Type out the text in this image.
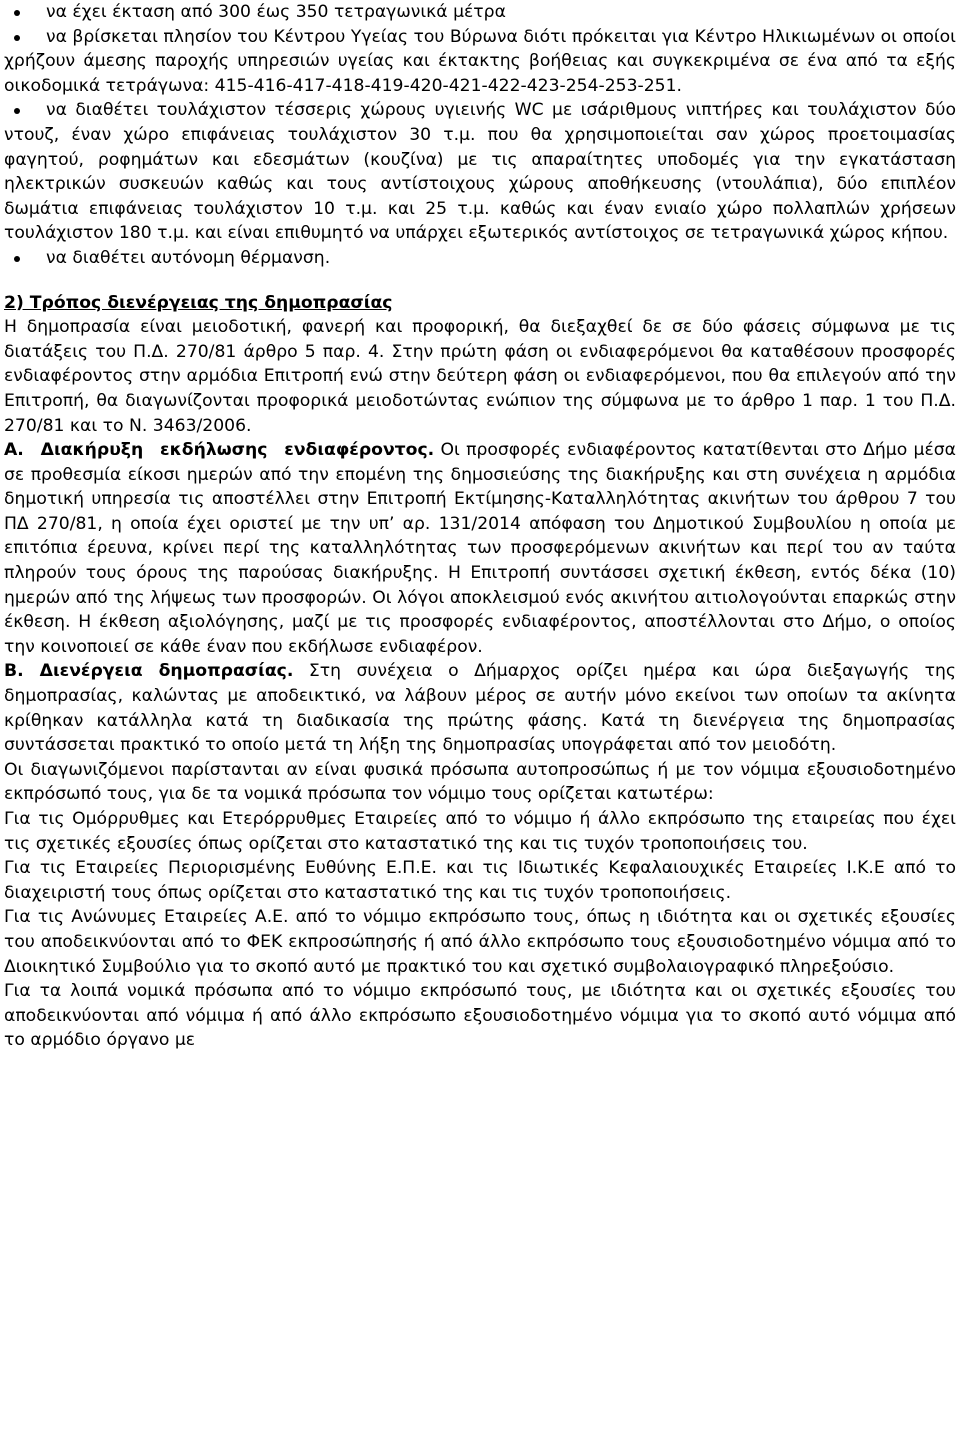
να έχει έκταση από 300 έως 350 τετραγωνικά μέτρα
να βρίσκεται πλησίον του Κέντρου Υγείας του Βύρωνα διότι πρόκειται για Κέντρο Ηλικιωμένων οι οποίοι χρήζουν άμεσης παροχής υπηρεσιών υγείας και έκτακτης βοήθειας και συγκεκριμένα σε ένα από τα εξής οικοδομικά τετράγωνα: 415-416-417-418-419-420-421-422-423-254-253-251.
να διαθέτει τουλάχιστον τέσσερις χώρους υγιεινής WC με ισάριθμους νιπτήρες και τουλάχιστον δύο ντουζ, έναν χώρο επιφάνειας τουλάχιστον 30 τ.μ. που θα χρησιμοποιείται σαν χώρος προετοιμασίας φαγητού, ροφημάτων και εδεσμάτων (κουζίνα) με τις απαραίτητες υποδομές για την εγκατάσταση ηλεκτρικών συσκευών καθώς και τους αντίστοιχους χώρους αποθήκευσης (ντουλάπια), δύο επιπλέον δωμάτια επιφάνειας τουλάχιστον 10 τ.μ. και 25 τ.μ. καθώς και έναν ενιαίο χώρο πολλαπλών χρήσεων τουλάχιστον 180 τ.μ. και είναι επιθυμητό να υπάρχει εξωτερικός αντίστοιχος σε τετραγωνικά χώρος κήπου.
να διαθέτει αυτόνομη θέρμανση.

2) Τρόπος διενέργειας της δημοπρασίας

Η δημοπρασία είναι μειοδοτική, φανερή και προφορική, θα διεξαχθεί δε σε δύο φάσεις σύμφωνα με τις διατάξεις του Π.Δ. 270/81 άρθρο 5 παρ. 4. Στην πρώτη φάση οι ενδιαφερόμενοι θα καταθέσουν προσφορές ενδιαφέροντος στην αρμόδια Επιτροπή ενώ στην δεύτερη φάση οι ενδιαφερόμενοι, που θα επιλεγούν από την Επιτροπή, θα διαγωνίζονται προφορικά μειοδοτώντας ενώπιον της σύμφωνα με το άρθρο 1 παρ. 1 του Π.Δ. 270/81 και το Ν. 3463/2006.

Α. Διακήρυξη εκδήλωσης ενδιαφέροντος. Οι προσφορές ενδιαφέροντος κατατίθενται στο Δήμο μέσα σε προθεσμία είκοσι ημερών από την επομένη της δημοσιεύσης της διακήρυξης και στη συνέχεια η αρμόδια δημοτική υπηρεσία τις αποστέλλει στην Επιτροπή Εκτίμησης-Καταλληλότητας ακινήτων του άρθρου 7 του ΠΔ 270/81, η οποία έχει οριστεί με την υπ’ αρ. 131/2014 απόφαση του Δημοτικού Συμβουλίου η οποία με επιτόπια έρευνα, κρίνει περί της καταλληλότητας των προσφερόμενων ακινήτων και περί του αν ταύτα πληρούν τους όρους της παρούσας διακήρυξης. Η Επιτροπή συντάσσει σχετική έκθεση, εντός δέκα (10) ημερών από της λήψεως των προσφορών. Οι λόγοι αποκλεισμού ενός ακινήτου αιτιολογούνται επαρκώς στην έκθεση. Η έκθεση αξιολόγησης, μαζί με τις προσφορές ενδιαφέροντος, αποστέλλονται στο Δήμο, ο οποίος την κοινοποιεί σε κάθε έναν που εκδήλωσε ενδιαφέρον.

Β. Διενέργεια δημοπρασίας. Στη συνέχεια ο Δήμαρχος ορίζει ημέρα και ώρα διεξαγωγής της δημοπρασίας, καλώντας με αποδεικτικό, να λάβουν μέρος σε αυτήν μόνο εκείνοι των οποίων τα ακίνητα κρίθηκαν κατάλληλα κατά τη διαδικασία της πρώτης φάσης. Κατά τη διενέργεια της δημοπρασίας συντάσσεται πρακτικό το οποίο μετά τη λήξη της δημοπρασίας υπογράφεται από τον μειοδότη.

Οι διαγωνιζόμενοι παρίστανται αν είναι φυσικά πρόσωπα αυτοπροσώπως ή με τον νόμιμα εξουσιοδοτημένο εκπρόσωπό τους, για δε τα νομικά πρόσωπα τον νόμιμο τους ορίζεται κατωτέρω:

Για τις Ομόρρυθμες και Ετερόρρυθμες Εταιρείες από το νόμιμο ή άλλο εκπρόσωπο της εταιρείας που έχει τις σχετικές εξουσίες όπως ορίζεται στο καταστατικό της και τις τυχόν τροποποιήσεις του.

Για τις Εταιρείες Περιορισμένης Ευθύνης Ε.Π.Ε. και τις Ιδιωτικές Κεφαλαιουχικές Εταιρείες Ι.Κ.Ε από το διαχειριστή τους όπως ορίζεται στο καταστατικό της και τις τυχόν τροποποιήσεις.

Για τις Ανώνυμες Εταιρείες Α.Ε. από το νόμιμο εκπρόσωπο τους, όπως η ιδιότητα και οι σχετικές εξουσίες του αποδεικνύονται από το ΦΕΚ εκπροσώπησής ή από άλλο εκπρόσωπο τους εξουσιοδοτημένο νόμιμα από το Διοικητικό Συμβούλιο για το σκοπό αυτό με πρακτικό του και σχετικό συμβολαιογραφικό πληρεξούσιο.

Για τα λοιπά νομικά πρόσωπα από το νόμιμο εκπρόσωπό τους, με ιδιότητα και οι σχετικές εξουσίες του αποδεικνύονται από νόμιμα ή από άλλο εκπρόσωπο εξουσιοδοτημένο νόμιμα για το σκοπό αυτό νόμιμα από το αρμόδιο όργανο με
